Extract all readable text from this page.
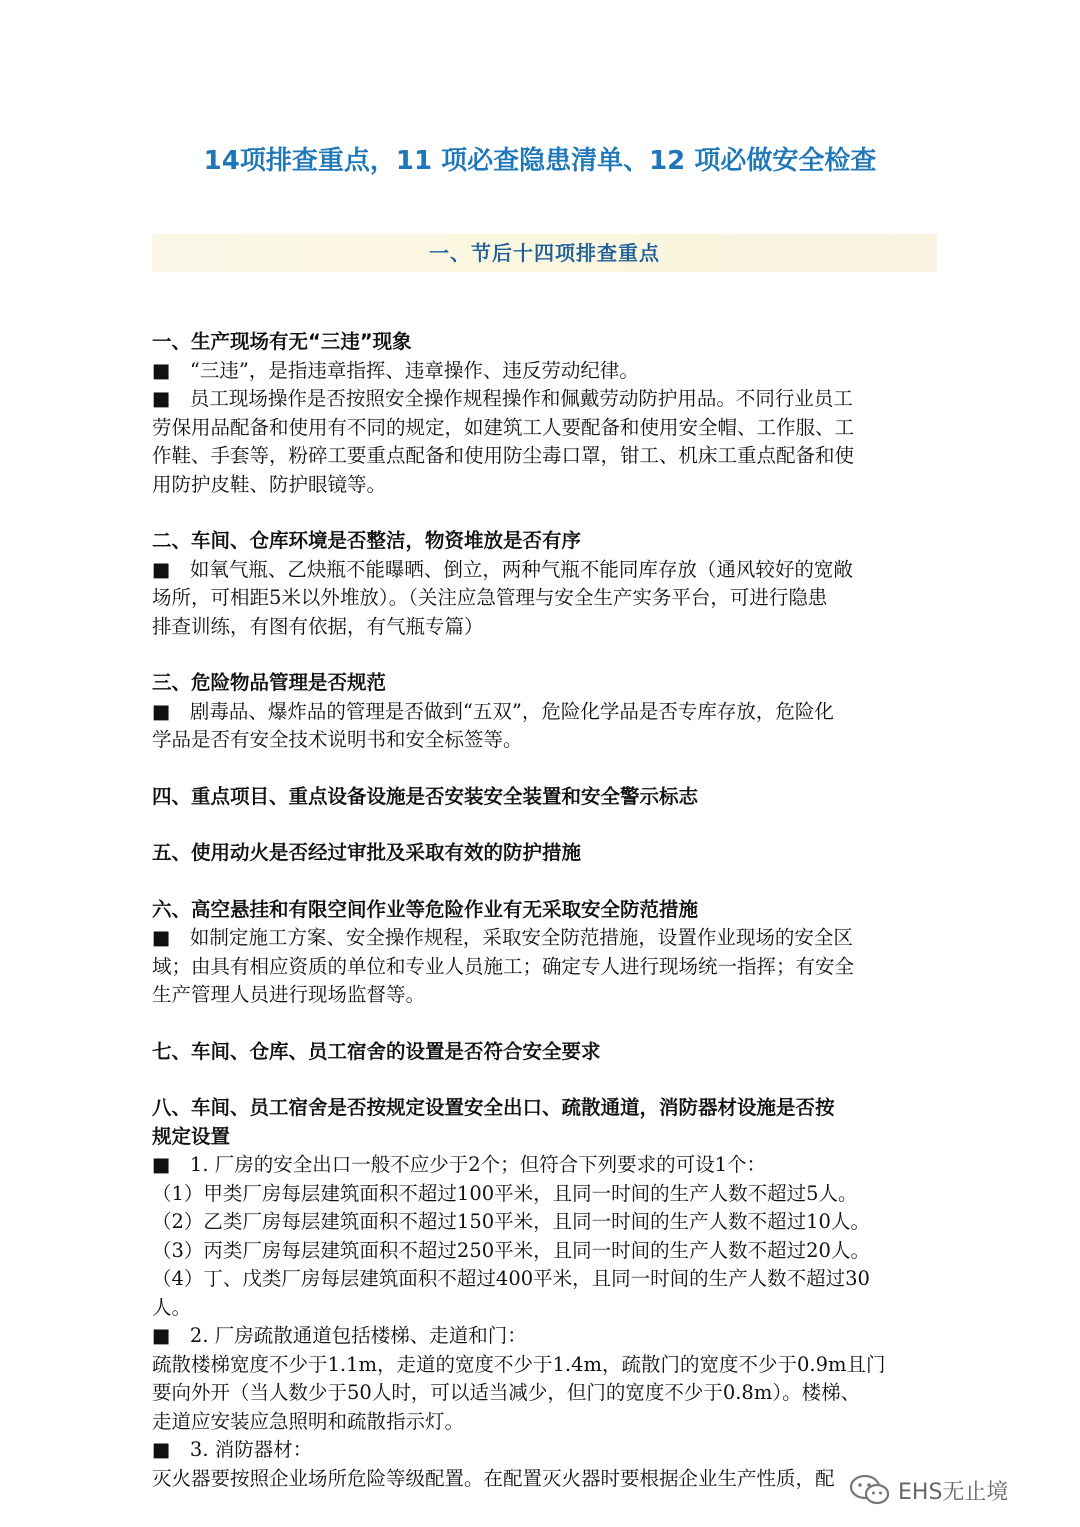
14项排查重点，11 项必查隐患清单、12 项必做安全检查
一、节后十四项排查重点
一、生产现场有无“三违”现象
■　“三违”，是指违章指挥、违章操作、违反劳动纪律。
■　员工现场操作是否按照安全操作规程操作和佩戴劳动防护用品。不同行业员工
劳保用品配备和使用有不同的规定，如建筑工人要配备和使用安全帽、工作服、工
作鞋、手套等，粉碎工要重点配备和使用防尘毒口罩，钳工、机床工重点配备和使
用防护皮鞋、防护眼镜等。
二、车间、仓库环境是否整洁，物资堆放是否有序
■　如氧气瓶、乙炔瓶不能曝晒、倒立，两种气瓶不能同库存放（通风较好的宽敞
场所，可相距5米以外堆放）。（关注应急管理与安全生产实务平台，可进行隐患
排查训练，有图有依据，有气瓶专篇）
三、危险物品管理是否规范
■　剧毒品、爆炸品的管理是否做到“五双”，危险化学品是否专库存放，危险化
学品是否有安全技术说明书和安全标签等。
四、重点项目、重点设备设施是否安装安全装置和安全警示标志
五、使用动火是否经过审批及采取有效的防护措施
六、高空悬挂和有限空间作业等危险作业有无采取安全防范措施
■　如制定施工方案、安全操作规程，采取安全防范措施，设置作业现场的安全区
域；由具有相应资质的单位和专业人员施工；确定专人进行现场统一指挥；有安全
生产管理人员进行现场监督等。
七、车间、仓库、员工宿舍的设置是否符合安全要求
八、车间、员工宿舍是否按规定设置安全出口、疏散通道，消防器材设施是否按
规定设置
■　1. 厂房的安全出口一般不应少于2个；但符合下列要求的可设1个：
（1）甲类厂房每层建筑面积不超过100平米，且同一时间的生产人数不超过5人。
（2）乙类厂房每层建筑面积不超过150平米，且同一时间的生产人数不超过10人。
（3）丙类厂房每层建筑面积不超过250平米，且同一时间的生产人数不超过20人。
（4）丁、戊类厂房每层建筑面积不超过400平米，且同一时间的生产人数不超过30
人。
■　2. 厂房疏散通道包括楼梯、走道和门：
疏散楼梯宽度不少于1.1m，走道的宽度不少于1.4m，疏散门的宽度不少于0.9m且门
要向外开（当人数少于50人时，可以适当减少，但门的宽度不少于0.8m）。楼梯、
走道应安装应急照明和疏散指示灯。
■　3. 消防器材：
灭火器要按照企业场所危险等级配置。在配置灭火器时要根据企业生产性质，配
EHS无止境
